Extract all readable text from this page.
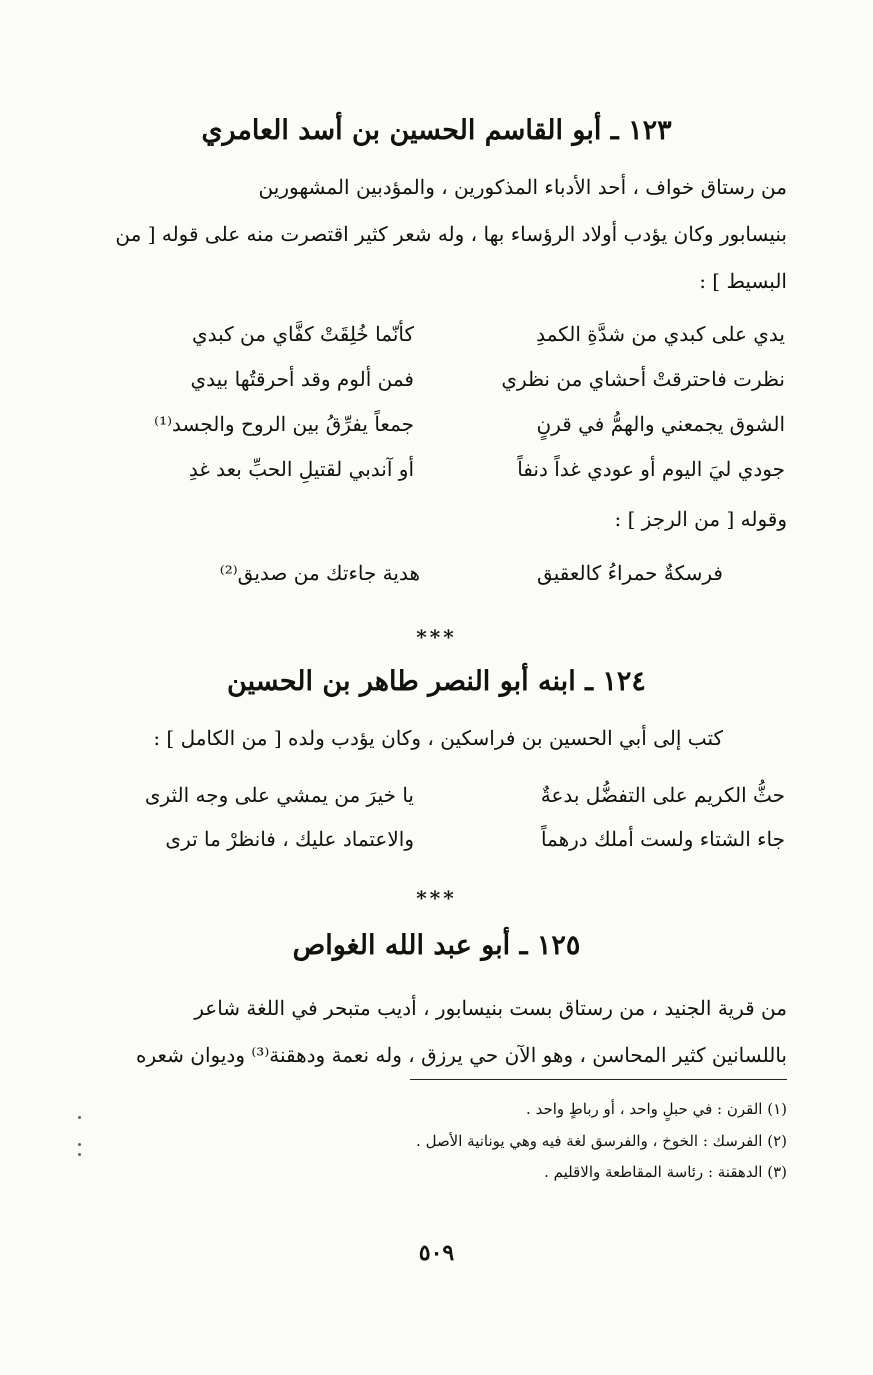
١٢٣ ـ أبو القاسم الحسين بن أسد العامري
من رستاق خواف ، أحد الأدباء المذكورين ، والمؤدبين المشهورين
بنيسابور وكان يؤدب أولاد الرؤساء بها ، وله شعر كثير اقتصرت منه على قوله [ من
البسيط ] :
يدي على كبدي من شدَّةِ الكمدِ
كأنّما خُلِقَتْ كفَّاي من كبدي
نظرت فاحترقتْ أحشاي من نظري
فمن ألوم وقد أحرقتُها بيدي
الشوق يجمعني والهمُّ في قرنٍ
جمعاً يفرِّقُ بين الروح والجسد⁽¹⁾
جودي ليَ اليوم أو عودي غداً دنفاً
أو آندبي لقتيلِ الحبِّ بعد غدِ
وقوله [ من الرجز ] :
فرسكةٌ حمراءُ كالعقيق
هدية جاءتك من صديق⁽²⁾
***
١٢٤ ـ ابنه أبو النصر طاهر بن الحسين
كتب إلى أبي الحسين بن فراسكين ، وكان يؤدب ولده [ من الكامل ] :
حثُّ الكريم على التفضُّل بدعةٌ
يا خيرَ من يمشي على وجه الثرى
جاء الشتاء ولست أملك درهماً
والاعتماد عليك ، فانظرْ ما ترى
***
١٢٥ ـ أبو عبد الله الغواص
من قرية الجنيد ، من رستاق بست بنيسابور ، أديب متبحر في اللغة شاعر
باللسانين كثير المحاسن ، وهو الآن حي يرزق ، وله نعمة ودهقنة⁽³⁾ وديوان شعره
(١) القرن : في حبلٍ واحد ، أو رباطٍ واحد .
(٢) الفرسك : الخوخ ، والفرسق لغة فيه وهي يونانية الأصل .
(٣) الدهقنة : رئاسة المقاطعة والاقليم .
٥٠٩
